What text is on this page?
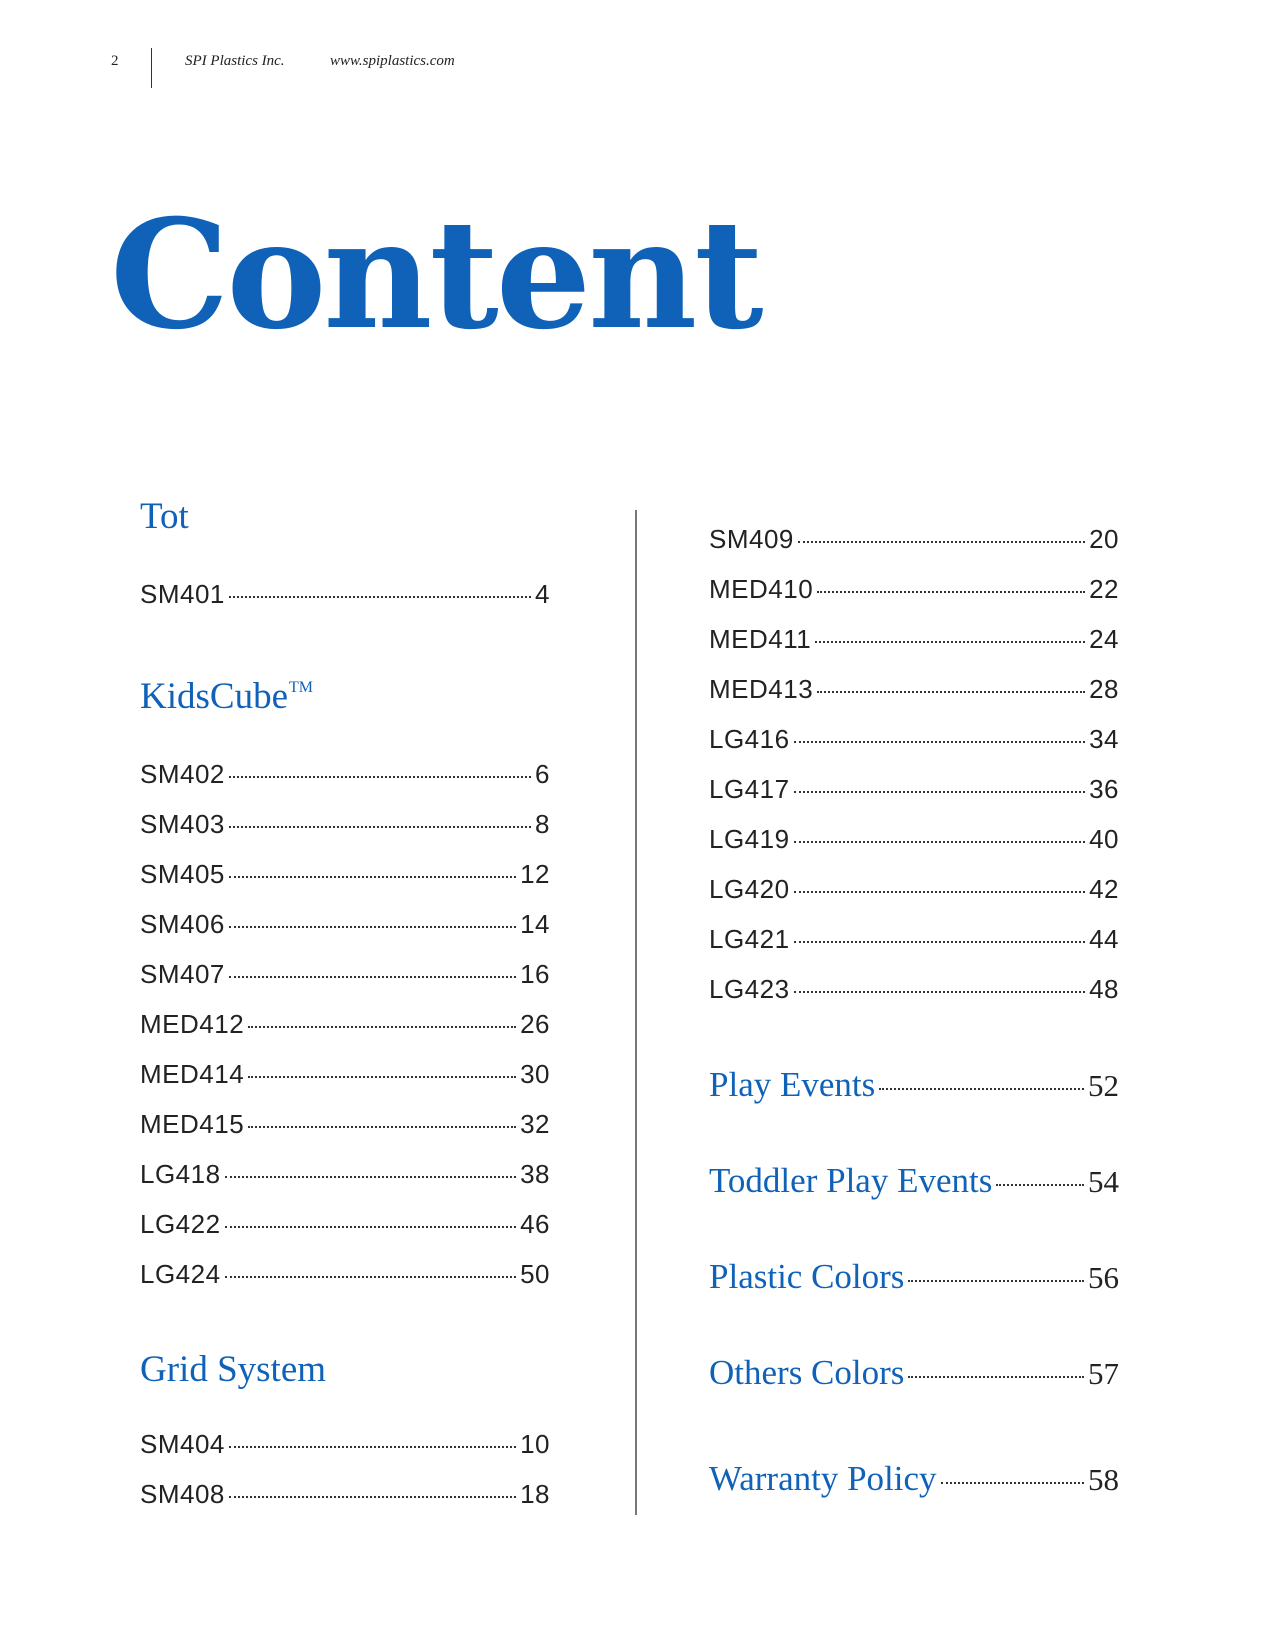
2	SPI Plastics Inc.	www.spiplastics.com
Content
Tot
SM401	4
KidsCube™
SM402	6
SM403	8
SM405	12
SM406	14
SM407	16
MED412	26
MED414	30
MED415	32
LG418	38
LG422	46
LG424	50
Grid System
SM404	10
SM408	18
SM409	20
MED410	22
MED411	24
MED413	28
LG416	34
LG417	36
LG419	40
LG420	42
LG421	44
LG423	48
Play Events	52
Toddler Play Events	54
Plastic Colors	56
Others Colors	57
Warranty Policy	58
